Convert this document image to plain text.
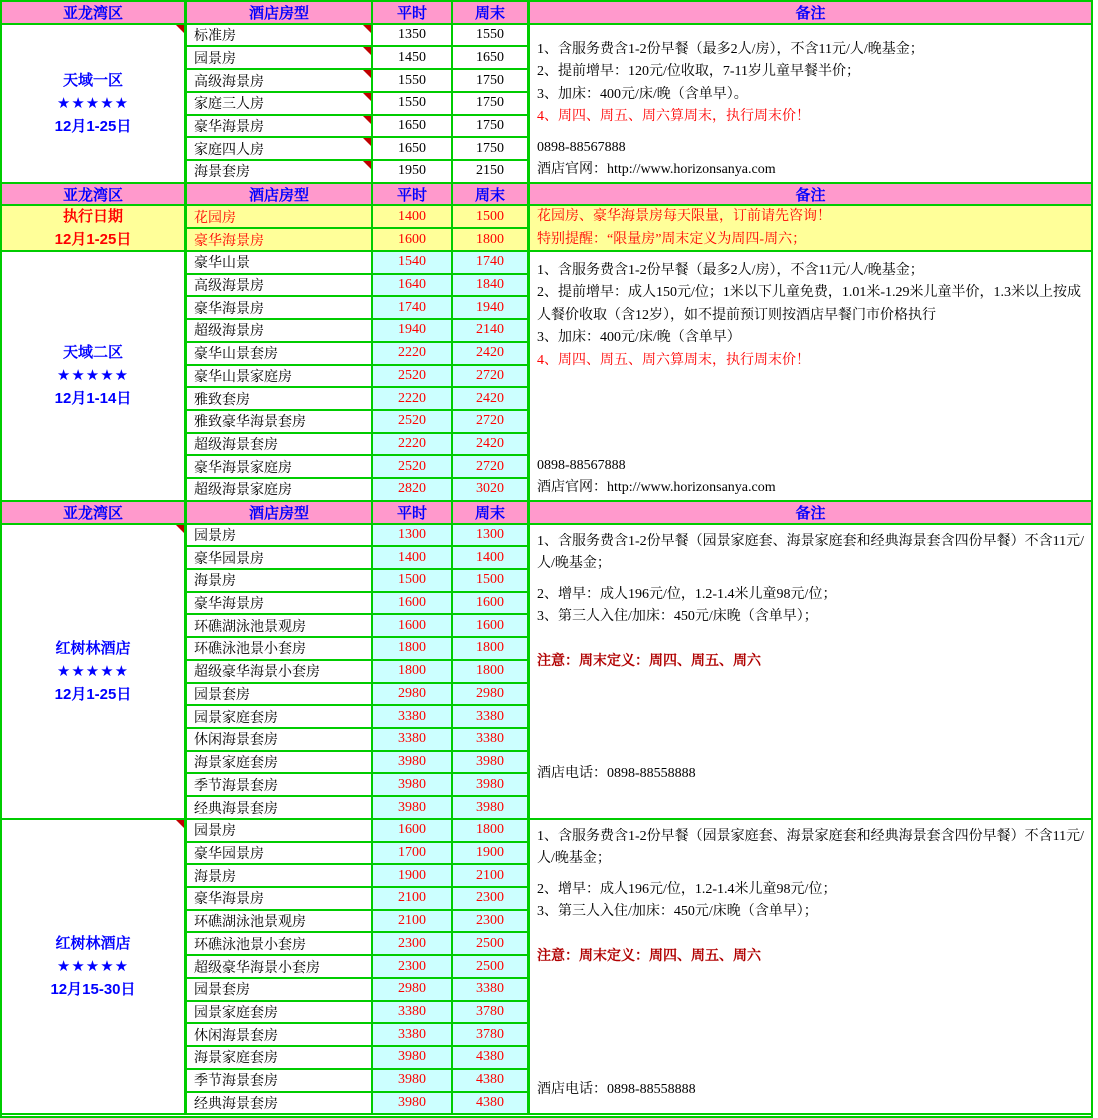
亚龙湾区	酒店房型	平时	周末	备注
天域一区
★★★★★
12月1-25日
标准房	1350	1550
园景房	1450	1650
高级海景房	1550	1750
家庭三人房	1550	1750
豪华海景房	1650	1750
家庭四人房	1650	1750
海景套房	1950	2150
1、含服务费含1-2份早餐（最多2人/房），不含11元/人/晚基金；
2、提前增早：120元/位收取，7-11岁儿童早餐半价；
3、加床：400元/床/晚（含单早）。
4、周四、周五、周六算周末，执行周末价！
0898-88567888
酒店官网：http://www.horizonsanya.com
亚龙湾区	酒店房型	平时	周末	备注
执行日期
12月1-25日
花园房	1400	1500
豪华海景房	1600	1800
花园房、豪华海景房每天限量，订前请先咨询！
特别提醒：“限量房”周末定义为周四-周六；
天域二区
★★★★★
12月1-14日
豪华山景	1540	1740
高级海景房	1640	1840
豪华海景房	1740	1940
超级海景房	1940	2140
豪华山景套房	2220	2420
豪华山景家庭房	2520	2720
雅致套房	2220	2420
雅致豪华海景套房	2520	2720
超级海景套房	2220	2420
豪华海景家庭房	2520	2720
超级海景家庭房	2820	3020
1、含服务费含1-2份早餐（最多2人/房），不含11元/人/晚基金；
2、提前增早：成人150元/位；1米以下儿童免费，1.01米-1.29米儿童半价，1.3米以上按成人餐价收取（含12岁），如不提前预订则按酒店早餐门市价格执行
3、加床：400元/床/晚（含单早）
4、周四、周五、周六算周末，执行周末价！
0898-88567888
酒店官网：http://www.horizonsanya.com
亚龙湾区	酒店房型	平时	周末	备注
红树林酒店
★★★★★
12月1-25日
园景房	1300	1300
豪华园景房	1400	1400
海景房	1500	1500
豪华海景房	1600	1600
环礁湖泳池景观房	1600	1600
环礁泳池景小套房	1800	1800
超级豪华海景小套房	1800	1800
园景套房	2980	2980
园景家庭套房	3380	3380
休闲海景套房	3380	3380
海景家庭套房	3980	3980
季节海景套房	3980	3980
经典海景套房	3980	3980
1、含服务费含1-2份早餐（园景家庭套、海景家庭套和经典海景套含四份早餐）不含11元/人/晚基金；
2、增早：成人196元/位，1.2-1.4米儿童98元/位；
3、第三人入住/加床：450元/床晚（含单早）；
注意：周末定义：周四、周五、周六
酒店电话：0898-88558888
红树林酒店
★★★★★
12月15-30日
园景房	1600	1800
豪华园景房	1700	1900
海景房	1900	2100
豪华海景房	2100	2300
环礁湖泳池景观房	2100	2300
环礁泳池景小套房	2300	2500
超级豪华海景小套房	2300	2500
园景套房	2980	3380
园景家庭套房	3380	3780
休闲海景套房	3380	3780
海景家庭套房	3980	4380
季节海景套房	3980	4380
经典海景套房	3980	4380
1、含服务费含1-2份早餐（园景家庭套、海景家庭套和经典海景套含四份早餐）不含11元/人/晚基金；
2、增早：成人196元/位，1.2-1.4米儿童98元/位；
3、第三人入住/加床：450元/床晚（含单早）；
注意：周末定义：周四、周五、周六
酒店电话：0898-88558888
